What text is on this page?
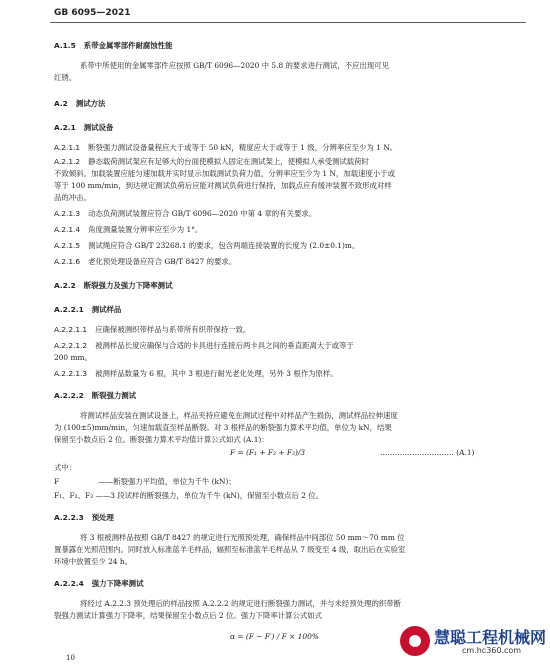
GB 6095—2021
A.1.5 系带金属零部件耐腐蚀性能
系带中所使用的金属零部件应按照 GB/T 6096—2020 中 5.8 的要求进行测试，不应出现可见
红锈。
A.2 测试方法
A.2.1 测试设备
A.2.1.1 断裂强力测试设备量程应大于或等于 50 kN，精度应大于或等于 1 级，分辨率应至少为 1 N。
A.2.1.2 静态载荷测试架应有足够大的台面使模拟人固定在测试架上，使模拟人承受测试载荷时
不致倾斜。加载装置应能匀速加载并实时显示加载测试负荷力值，分辨率应至少为 1 N，加载速度小于或
等于 100 mm/min，到达规定测试负荷后应能对测试负荷进行保持，加载点应有缓冲装置不致形成对样
品的冲击。
A.2.1.3 动态负荷测试装置应符合 GB/T 6096—2020 中第 4 章的有关要求。
A.2.1.4 角度测量装置分辨率应至少为 1°。
A.2.1.5 测试绳应符合 GB/T 23268.1 的要求，包含两端连接装置的长度为 (2.0±0.1)m。
A.2.1.6 老化预处理设备应符合 GB/T 8427 的要求。
A.2.2 断裂强力及强力下降率测试
A.2.2.1 测试样品
A.2.2.1.1 应确保被测织带样品与系带所有织带保持一致。
A.2.2.1.2 被测样品长度应确保与合适的卡具进行连接后两卡具之间的垂直距离大于或等于
200 mm。
A.2.2.1.3 被测样品数量为 6 根，其中 3 根进行耐光老化处理，另外 3 根作为原样。
A.2.2.2 断裂强力测试
将测试样品安装在测试设备上，样品夹持应避免在测试过程中对样品产生损伤，测试样品拉伸速度
为 (100±5)mm/min，匀速加载直至样品断裂。对 3 根样品的断裂强力算术平均值，单位为 kN，结果
保留至小数点后 2 位。断裂强力算术平均值计算公式如式 (A.1)：
式中：
F 　　　　　——断裂强力平均值，单位为千牛 (kN)；
F₁、F₂、F₃ ——3 段试样的断裂强力，单位为千牛 (kN)，保留至小数点后 2 位。
A.2.2.3 预处理
将 3 根被测样品按照 GB/T 8427 的规定进行光照预处理，确保样品中间部位 50 mm～70 mm 位
置暴露在光照范围内。同时放入标准蓝羊毛样品，辐照至标准蓝羊毛样品从 7 级变至 4 级，取出后在实验室
环境中放置至少 24 h。
A.2.2.4 强力下降率测试
将经过 A.2.2.3 预处理后的样品按照 A.2.2.2 的规定进行断裂强力测试，并与未经预处理的织带断
裂强力测试计算强力下降率，结果保留至小数点后 2 位。强力下降率计算公式如式
F = (F₁ + F₂ + F₃)/3	………………………… (A.1)
α = (F − F′) / F × 100%
10
慧聪工程机械网
cm.hc360.com
